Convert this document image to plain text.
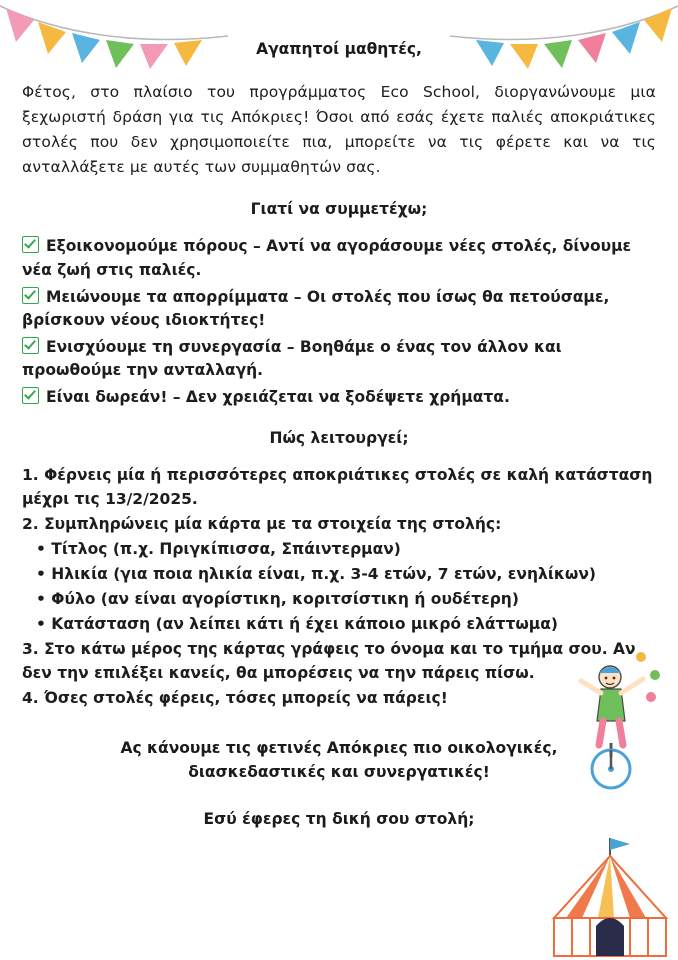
Αγαπητοί μαθητές,

Φέτος, στο πλαίσιο του προγράμματος Eco School, διοργανώνουμε μια ξεχωριστή δράση για τις Απόκριες! Όσοι από εσάς έχετε παλιές αποκριάτικες στολές που δεν χρησιμοποιείτε πια, μπορείτε να τις φέρετε και να τις ανταλλάξετε με αυτές των συμμαθητών σας.

Γιατί να συμμετέχω;
Εξοικονομούμε πόρους – Αντί να αγοράσουμε νέες στολές, δίνουμε νέα ζωή στις παλιές.
Μειώνουμε τα απορρίμματα – Οι στολές που ίσως θα πετούσαμε, βρίσκουν νέους ιδιοκτήτες!
Ενισχύουμε τη συνεργασία – Βοηθάμε ο ένας τον άλλον και προωθούμε την ανταλλαγή.
Είναι δωρεάν! – Δεν χρειάζεται να ξοδέψετε χρήματα.
Πώς λειτουργεί;
1. Φέρνεις μία ή περισσότερες αποκριάτικες στολές σε καλή κατάσταση μέχρι τις 13/2/2025.
2. Συμπληρώνεις μία κάρτα με τα στοιχεία της στολής:
• Τίτλος (π.χ. Πριγκίπισσα, Σπάιντερμαν)
• Ηλικία (για ποια ηλικία είναι, π.χ. 3-4 ετών, 7 ετών, ενηλίκων)
• Φύλο (αν είναι αγορίστικη, κοριτσίστικη ή ουδέτερη)
• Κατάσταση (αν λείπει κάτι ή έχει κάποιο μικρό ελάττωμα)
3. Στο κάτω μέρος της κάρτας γράφεις το όνομα και το τμήμα σου. Αν δεν την επιλέξει κανείς, θα μπορέσεις να την πάρεις πίσω.
4. Όσες στολές φέρεις, τόσες μπορείς να πάρεις!
Ας κάνουμε τις φετινές Απόκριες πιο οικολογικές,
διασκεδαστικές και συνεργατικές!
Εσύ έφερες τη δική σου στολή;
